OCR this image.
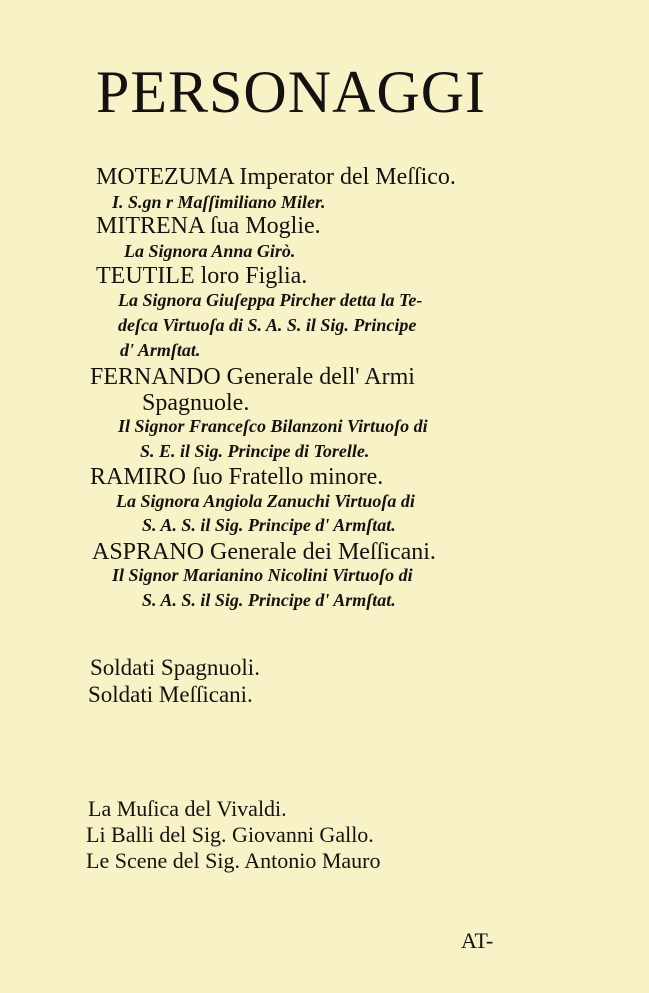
PERSONAGGI
MOTEZUMA Imperator del Meſſico.
I. S.gn r Maſſimiliano Miler.
MITRENA ſua Moglie.
La Signora Anna Girò.
TEUTILE loro Figlia.
La Signora Giuſeppa Pircher detta la Te-
deſca Virtuoſa di S. A. S. il Sig. Principe
d' Armſtat.
FERNANDO Generale dell' Armi
Spagnuole.
Il Signor Franceſco Bilanzoni Virtuoſo di
S. E. il Sig. Principe di Torelle.
RAMIRO ſuo Fratello minore.
La Signora Angiola Zanuchi Virtuoſa di
S. A. S. il Sig. Principe d' Armſtat.
ASPRANO Generale dei Meſſicani.
Il Signor Marianino Nicolini Virtuoſo di
S. A. S. il Sig. Principe d' Armſtat.
Soldati Spagnuoli.
Soldati Meſſicani.
La Muſica del Vivaldi.
Li Balli del Sig. Giovanni Gallo.
Le Scene del Sig. Antonio Mauro
AT-
